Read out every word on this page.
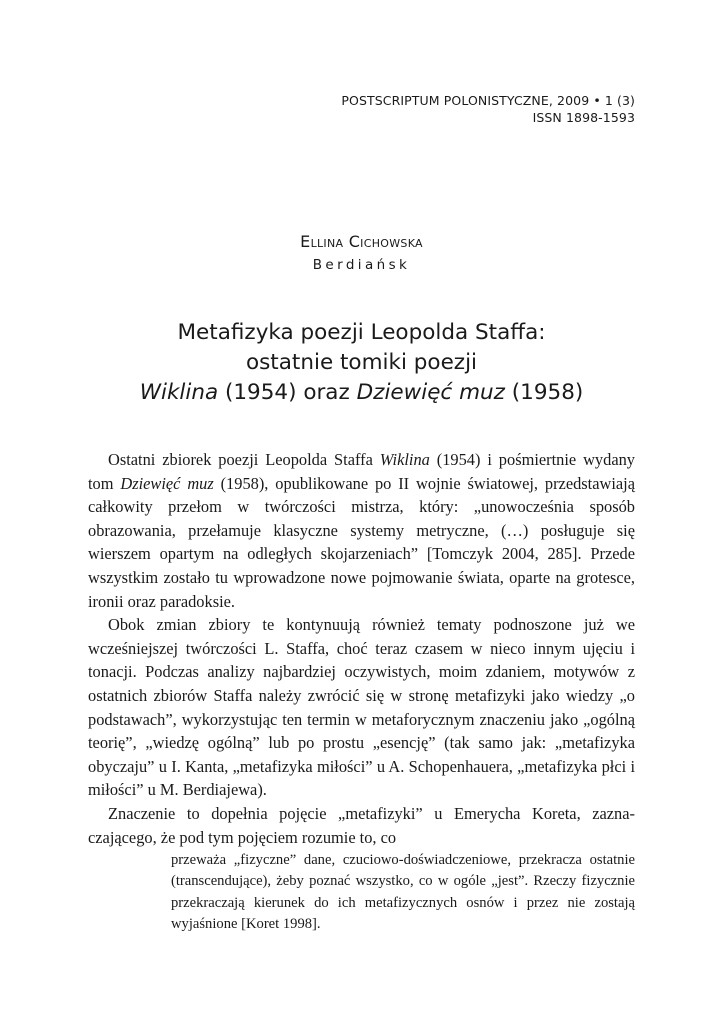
POSTSCRIPTUM POLONISTYCZNE, 2009 • 1 (3)
ISSN 1898-1593
Ellina Cichowska
Berdiańsk
Metafizyka poezji Leopolda Staffa:
ostatnie tomiki poezji
Wiklina (1954) oraz Dziewięć muz (1958)

Ostatni zbiorek poezji Leopolda Staffa Wiklina (1954) i pośmiertnie wydany tom Dziewięć muz (1958), opublikowane po II wojnie światowej, przedstawiają całkowity przełom w twórczości mistrza, który: „unowocześnia sposób obrazowania, przełamuje klasyczne systemy metryczne, (…) posługuje się wierszem opartym na odległych skojarzeniach” [Tomczyk 2004, 285]. Przede wszystkim zostało tu wprowadzone nowe pojmowanie świata, oparte na grotesce, ironii oraz paradoksie.

Obok zmian zbiory te kontynuują również tematy podnoszone już we wcześniejszej twórczości L. Staffa, choć teraz czasem w nieco innym ujęciu i tonacji. Podczas analizy najbardziej oczywistych, moim zdaniem, motywów z ostatnich zbiorów Staffa należy zwrócić się w stronę metafizyki jako wiedzy „o podstawach”, wykorzystując ten termin w metaforycznym znaczeniu jako „ogólną teorię”, „wiedzę ogólną” lub po prostu „esencję” (tak samo jak: „metafizyka obyczaju” u I. Kanta, „metafizyka miłości” u A. Schopenhauera, „metafizyka płci i miłości” u M. Berdiajewa).

Znaczenie to dopełnia pojęcie „metafizyki” u Emerycha Koreta, zaznaczającego, że pod tym pojęciem rozumie to, co

przeważa „fizyczne” dane, czuciowo-doświadczeniowe, przekracza ostatnie (transcendujące), żeby poznać wszystko, co w ogóle „jest”. Rzeczy fizycznie przekraczają kierunek do ich metafizycznych osnów i przez nie zostają wyjaśnione [Koret 1998].
